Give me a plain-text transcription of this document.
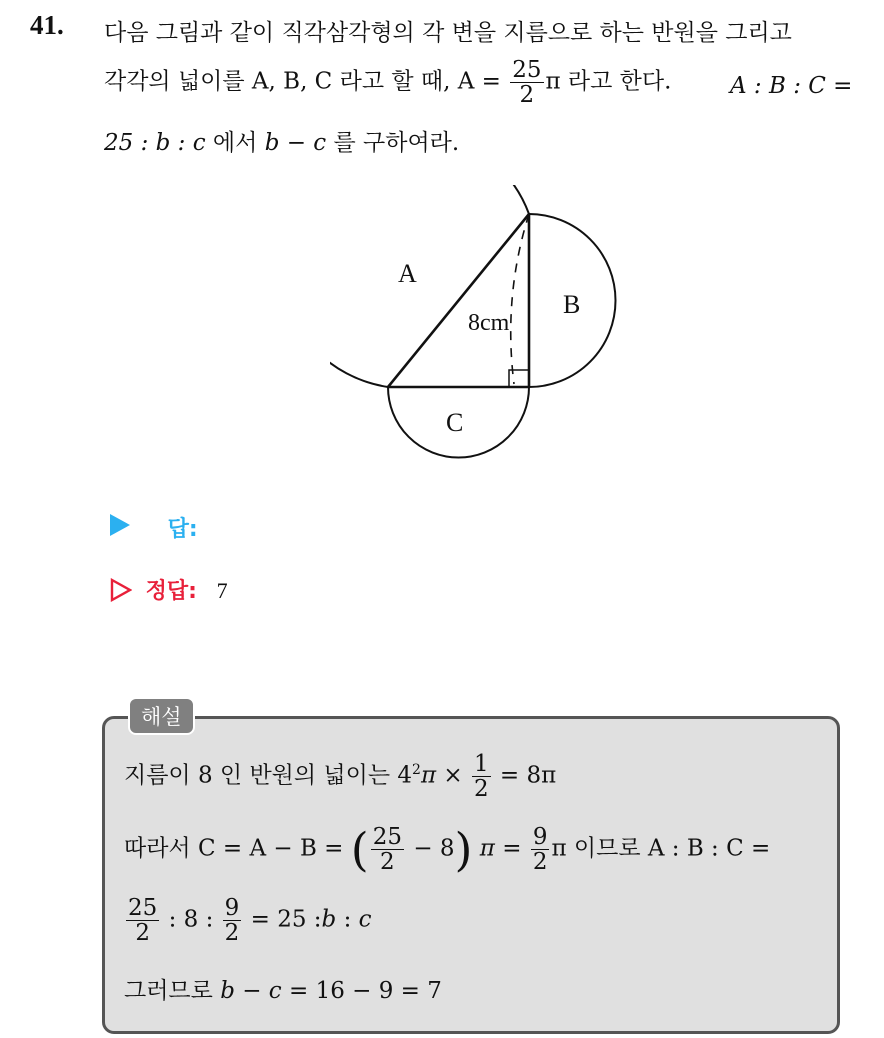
41. 다음 그림과 같이 직각삼각형의 각 변을 지름으로 하는 반원을 그리고
각각의 넓이를 A, B, C 라고 할 때, $A = \frac{25}{2}$ π 라고 한다.	A : B : C =
25 : b : c 에서 b − c 를 구하여라.
A
B
C
8cm
답:
정답: 7
해설
지름이 8 인 반원의 넓이는 $4^2\pi \times \frac{1}{2} = 8\pi$
따라서 C = A − B = ( $\frac{25}{2} - 8$) $\pi = \frac{9}{2}$ π 이므로 A : B : C =
$\frac{25}{2}$ : 8 : $\frac{9}{2} = 25$ :b : c
그러므로 b − c = 16 − 9 = 7
